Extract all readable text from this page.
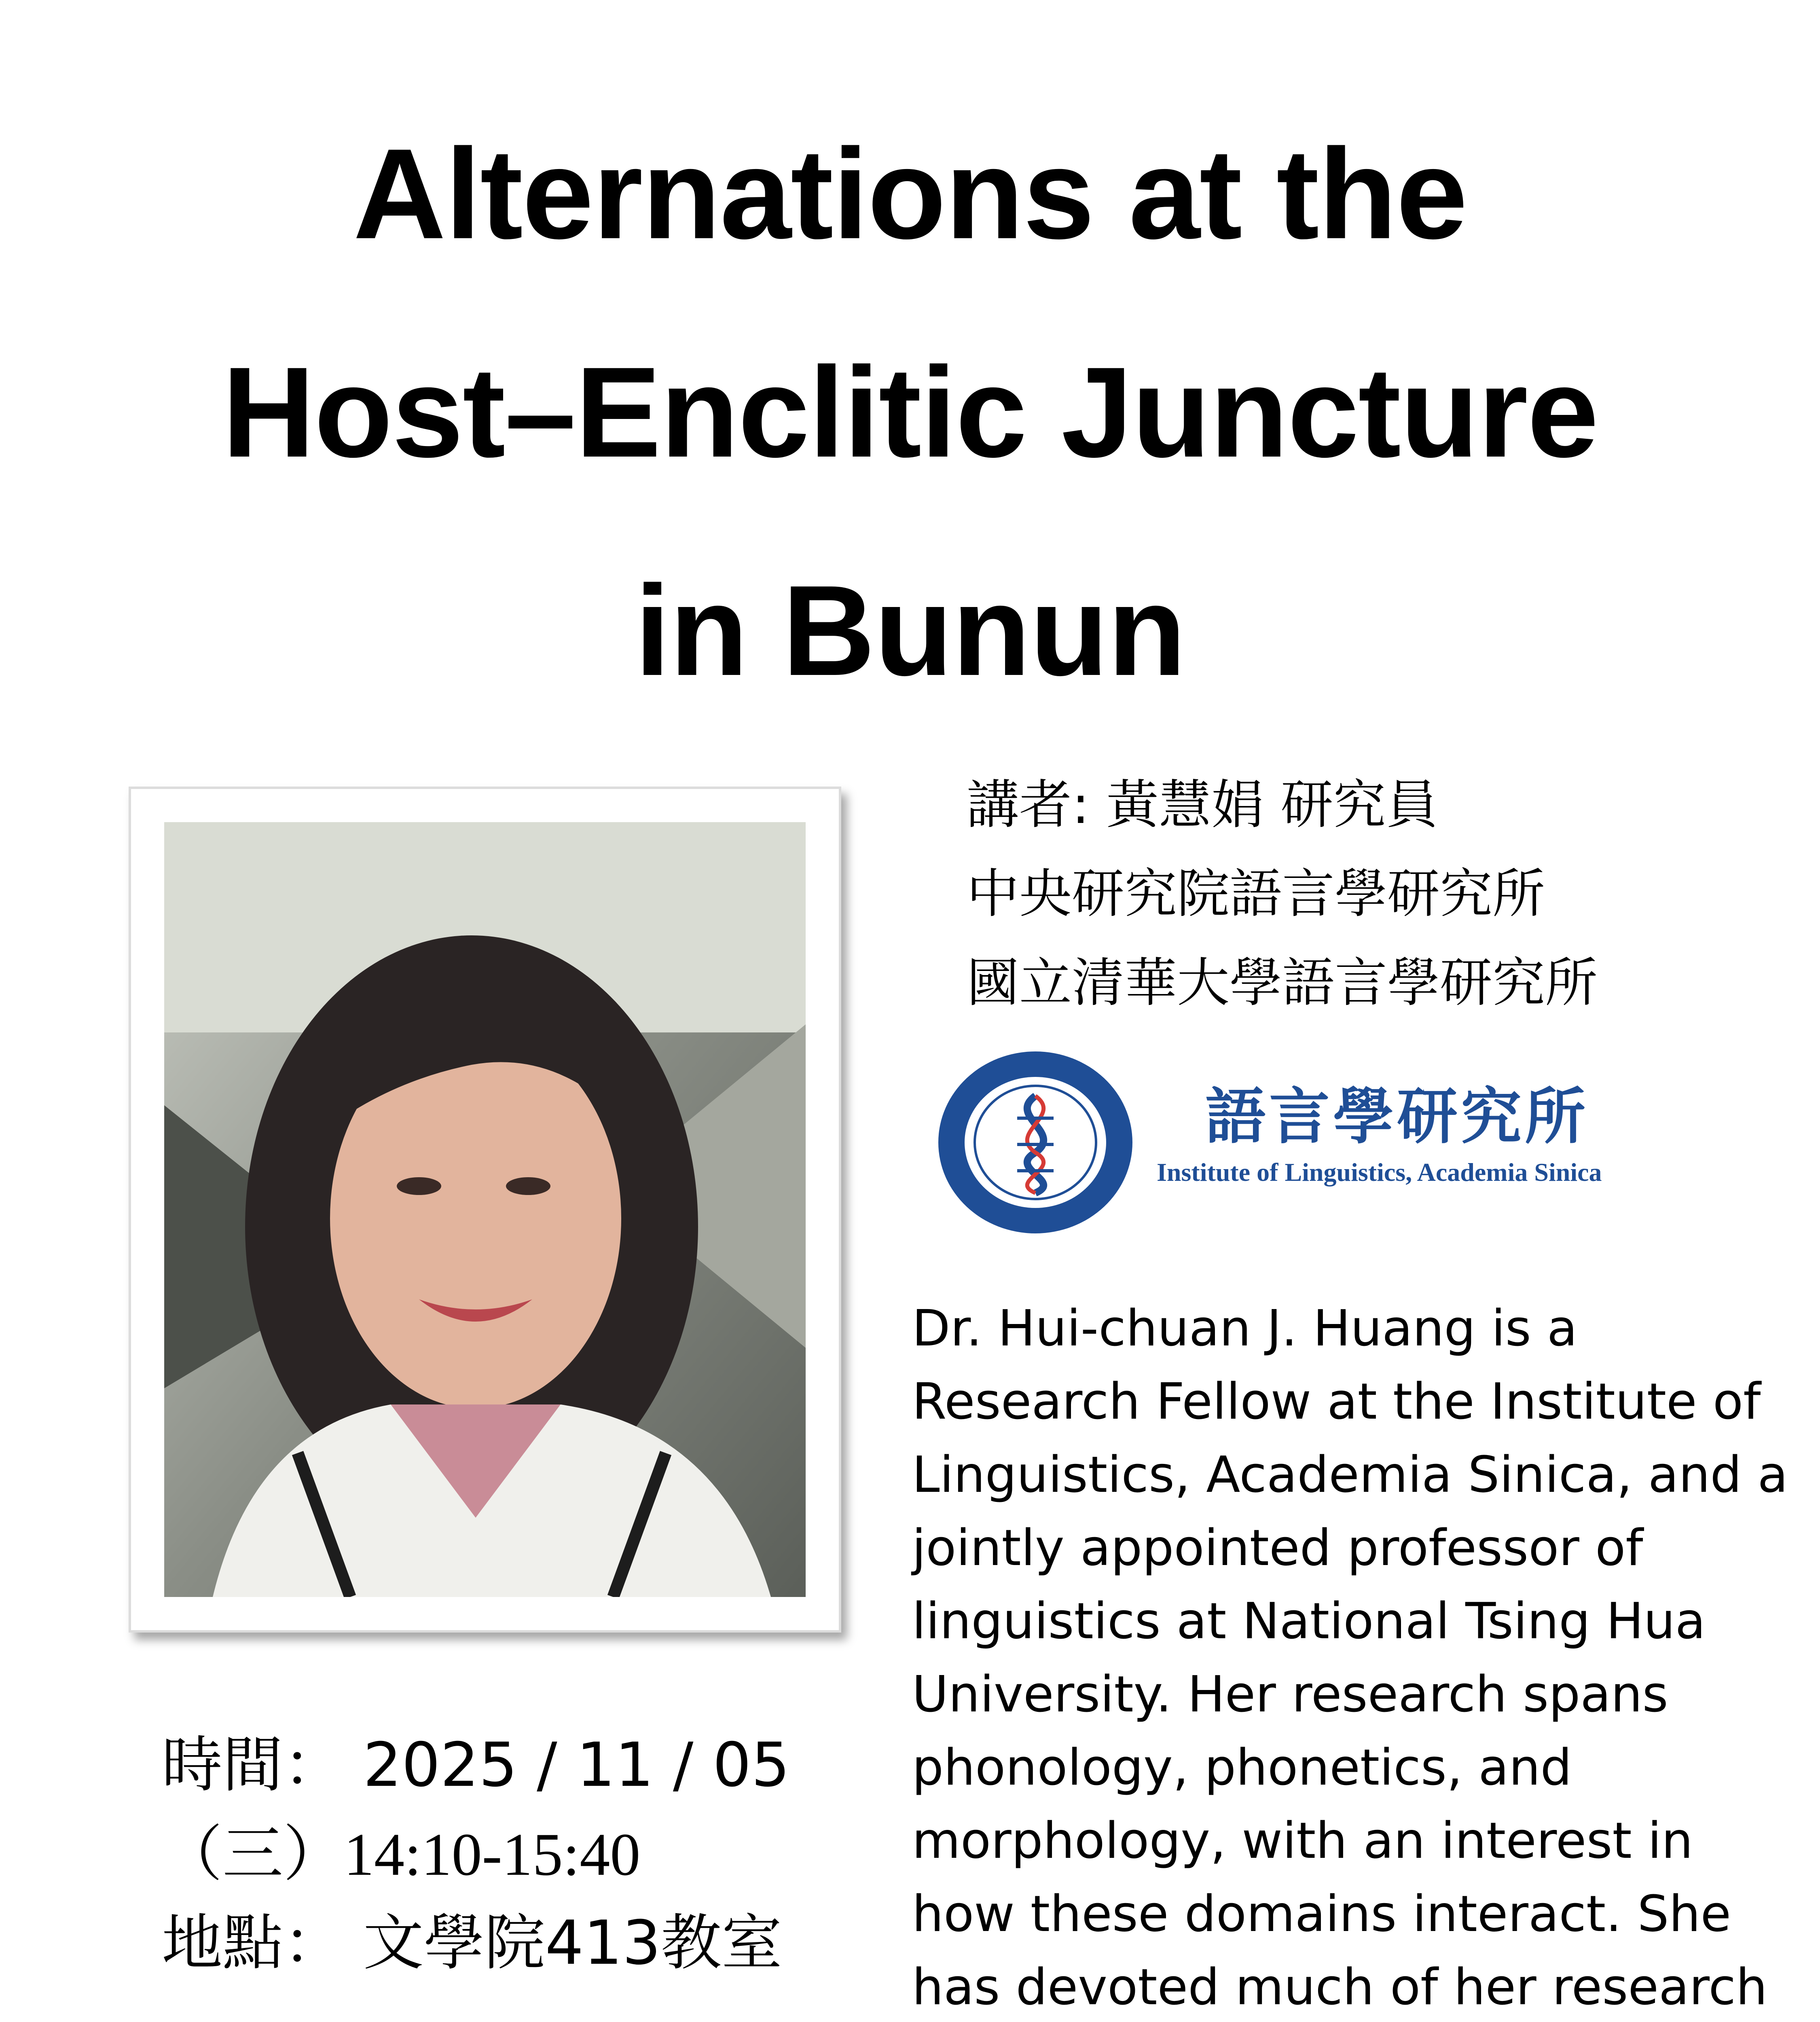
Alternations at the
Host–Enclitic Juncture
in Bunun
講者: 黃慧娟 研究員
中央研究院語言學研究所
國立清華大學語言學研究所
語言學研究所
Institute of Linguistics, Academia Sinica
Dr. Hui-chuan J. Huang is a
Research Fellow at the Institute of
Linguistics, Academia Sinica, and a
jointly appointed professor of
linguistics at National Tsing Hua
University. Her research spans
phonology, phonetics, and
morphology, with an interest in
how these domains interact. She
has devoted much of her research

時間： 2025 / 11 / 05
（三）14:10-15:40
地點： 文學院413教室
